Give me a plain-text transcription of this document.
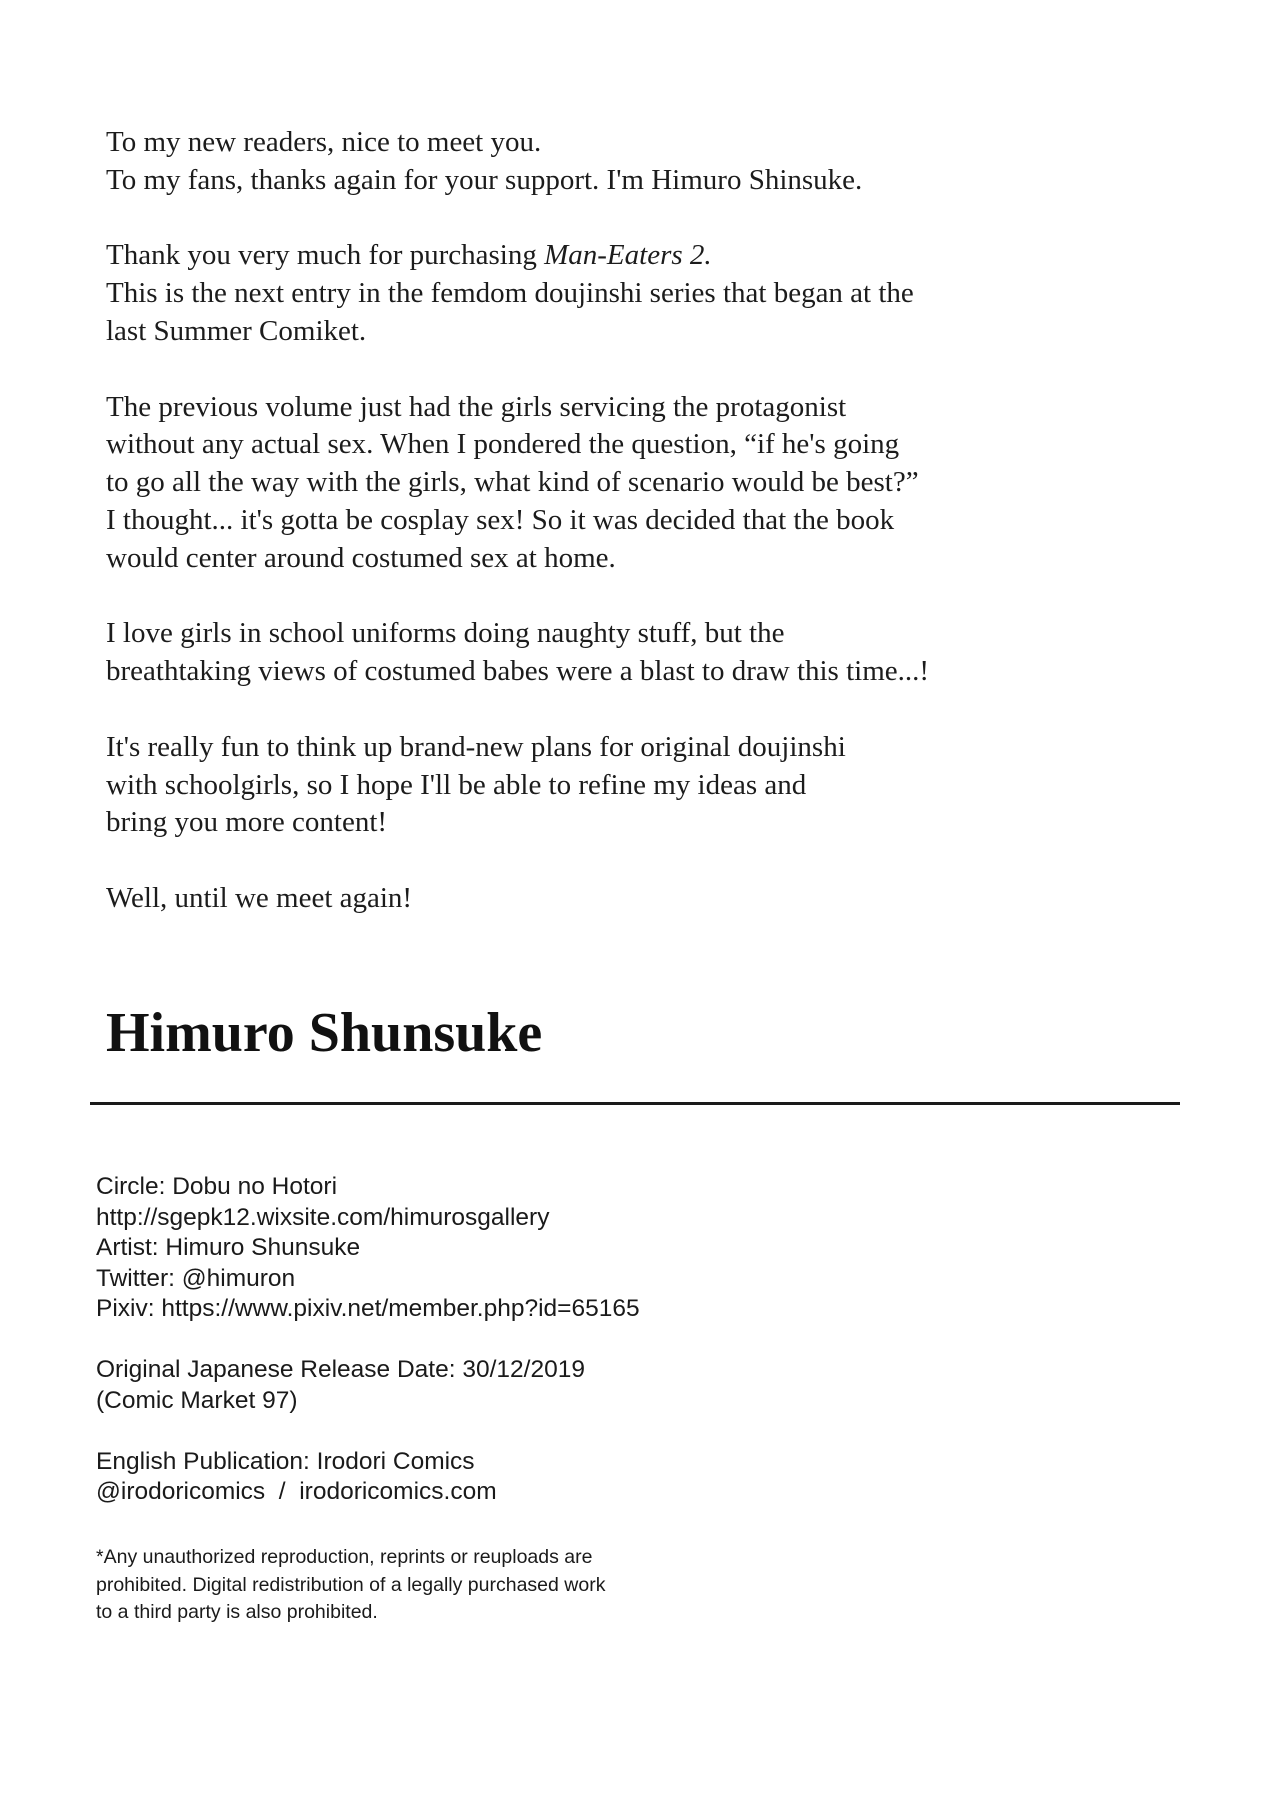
To my new readers, nice to meet you.
To my fans, thanks again for your support. I'm Himuro Shinsuke.
Thank you very much for purchasing Man-Eaters 2.
This is the next entry in the femdom doujinshi series that began at the
last Summer Comiket.
The previous volume just had the girls servicing the protagonist
without any actual sex. When I pondered the question, “if he's going
to go all the way with the girls, what kind of scenario would be best?”
I thought... it's gotta be cosplay sex! So it was decided that the book
would center around costumed sex at home.
I love girls in school uniforms doing naughty stuff, but the
breathtaking views of costumed babes were a blast to draw this time...!
It's really fun to think up brand-new plans for original doujinshi
with schoolgirls, so I hope I'll be able to refine my ideas and
bring you more content!
Well, until we meet again!
Himuro Shunsuke
Circle: Dobu no Hotori
http://sgepk12.wixsite.com/himurosgallery
Artist: Himuro Shunsuke
Twitter: @himuron
Pixiv: https://www.pixiv.net/member.php?id=65165
Original Japanese Release Date: 30/12/2019
(Comic Market 97)
English Publication: Irodori Comics
@irodoricomics  /  irodoricomics.com
*Any unauthorized reproduction, reprints or reuploads are
prohibited. Digital redistribution of a legally purchased work
to a third party is also prohibited.
